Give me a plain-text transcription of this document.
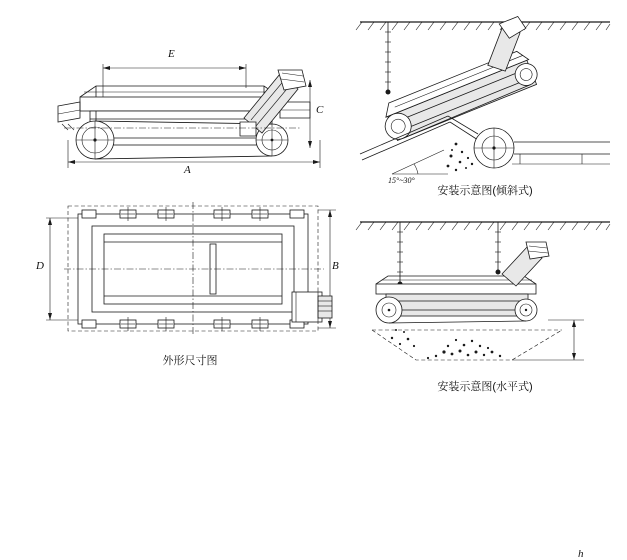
E
C
A
D	B
外形尺寸图
15°~30°
安装示意图(倾斜式)
h
安装示意图(水平式)
